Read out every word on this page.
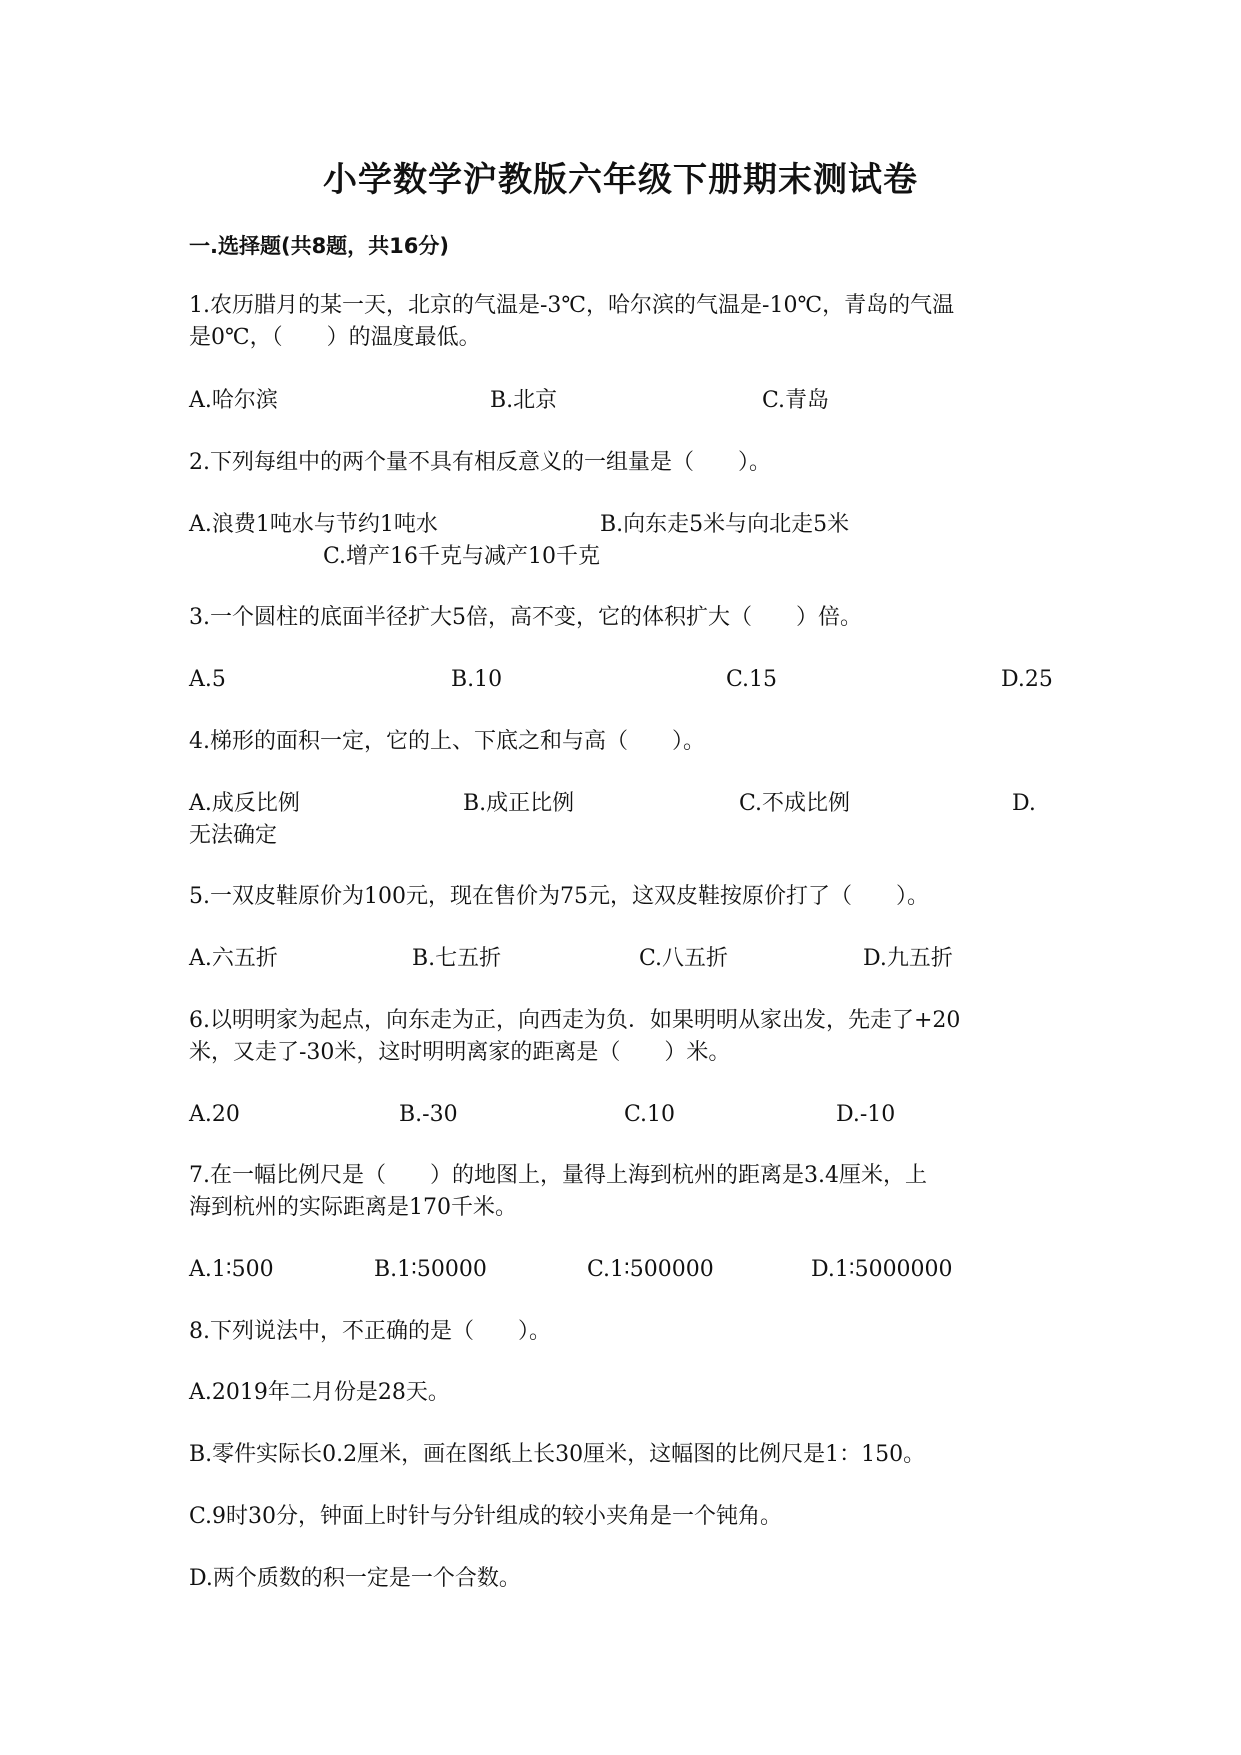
小学数学沪教版六年级下册期末测试卷
一.选择题(共8题，共16分)
1.农历腊月的某一天，北京的气温是-3℃，哈尔滨的气温是-10℃，青岛的气温
是0℃，（　　）的温度最低。
A.哈尔滨	B.北京	C.青岛
2.下列每组中的两个量不具有相反意义的一组量是（　　）。
A.浪费1吨水与节约1吨水	B.向东走5米与向北走5米
C.增产16千克与减产10千克
3.一个圆柱的底面半径扩大5倍，高不变，它的体积扩大（　　）倍。
A.5	B.10	C.15	D.25
4.梯形的面积一定，它的上、下底之和与高（　　）。
A.成反比例	B.成正比例	C.不成比例	D.
无法确定
5.一双皮鞋原价为100元，现在售价为75元，这双皮鞋按原价打了（　　）。
A.六五折	B.七五折	C.八五折	D.九五折
6.以明明家为起点，向东走为正，向西走为负．如果明明从家出发，先走了+20
米，又走了-30米，这时明明离家的距离是（　　）米。
A.20	B.-30	C.10	D.-10
7.在一幅比例尺是（　　）的地图上，量得上海到杭州的距离是3.4厘米，上
海到杭州的实际距离是170千米。
A.1∶500	B.1∶50000	C.1∶500000	D.1∶5000000
8.下列说法中，不正确的是（　　）。
A.2019年二月份是28天。
B.零件实际长0.2厘米，画在图纸上长30厘米，这幅图的比例尺是1：150。
C.9时30分，钟面上时针与分针组成的较小夹角是一个钝角。
D.两个质数的积一定是一个合数。
